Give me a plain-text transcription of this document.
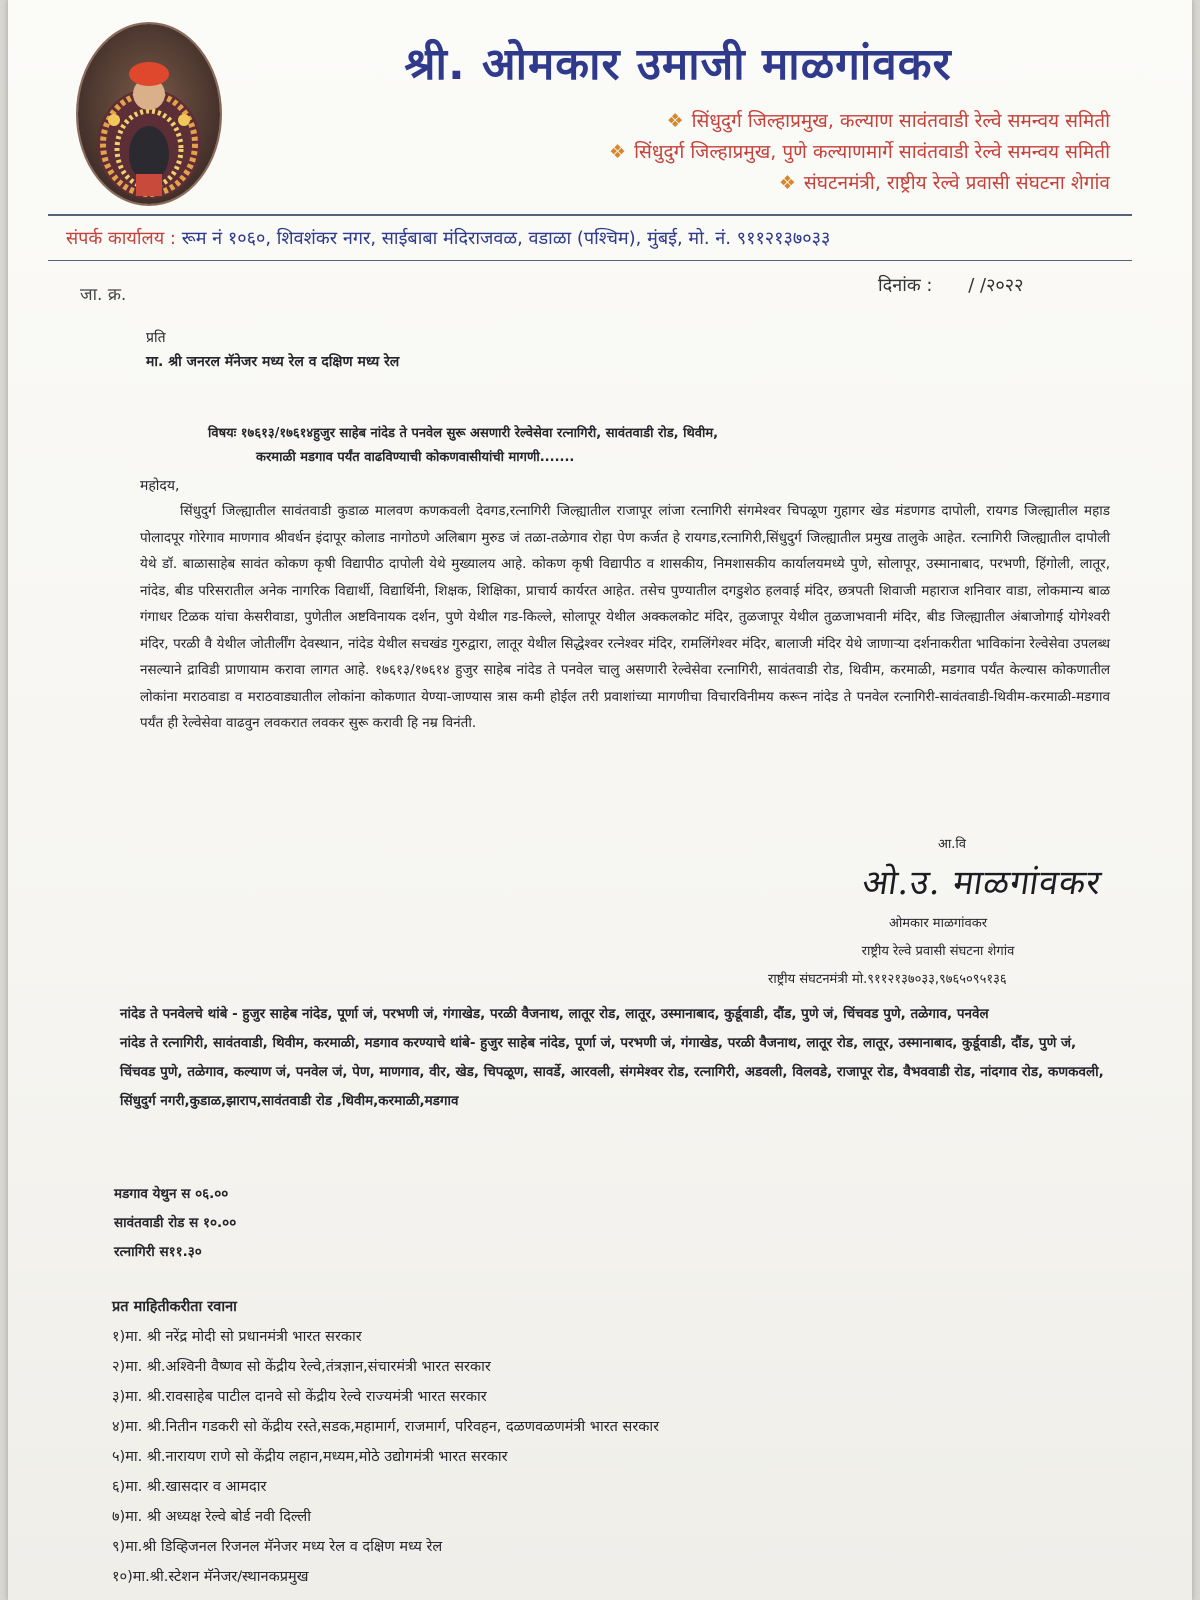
श्री. ओमकार उमाजी माळगांवकर
❖ सिंधुदुर्ग जिल्हाप्रमुख, कल्याण सावंतवाडी रेल्वे समन्वय समिती
❖ सिंधुदुर्ग जिल्हाप्रमुख, पुणे कल्याणमार्गे सावंतवाडी रेल्वे समन्वय समिती
❖ संघटनमंत्री, राष्ट्रीय रेल्वे प्रवासी संघटना शेगांव
संपर्क कार्यालय : रूम नं १०६०, शिवशंकर नगर, साईबाबा मंदिराजवळ, वडाळा (पश्चिम), मुंबई, मो. नं. ९११२१३७०३३
जा. क्र.	दिनांक : / /२०२२
प्रति
मा. श्री जनरल मॅनेजर मध्य रेल व दक्षिण मध्य रेल
विषयः १७६१३/१७६१४हुजुर साहेब नांदेड ते पनवेल सुरू असणारी रेल्वेसेवा रत्नागिरी, सावंतवाडी रोड, थिवीम,
करमाळी मडगाव पर्यंत वाढविण्याची कोकणवासीयांची मागणी.......
महोदय,
सिंधुदुर्ग जिल्ह्यातील सावंतवाडी कुडाळ मालवण कणकवली देवगड,रत्नागिरी जिल्ह्यातील राजापूर लांजा रत्नागिरी संगमेश्वर चिपळूण गुहागर खेड मंडणगड दापोली, रायगड जिल्ह्यातील महाड पोलादपूर गोरेगाव माणगाव श्रीवर्धन इंदापूर कोलाड नागोठणे अलिबाग मुरुड जं तळा-तळेगाव रोहा पेण कर्जत हे रायगड,रत्नागिरी,सिंधुदुर्ग जिल्ह्यातील प्रमुख तालुके आहेत. रत्नागिरी जिल्ह्यातील दापोली येथे डॉ. बाळासाहेब सावंत कोकण कृषी विद्यापीठ दापोली येथे मुख्यालय आहे. कोकण कृषी विद्यापीठ व शासकीय, निमशासकीय कार्यालयमध्ये पुणे, सोलापूर, उस्मानाबाद, परभणी, हिंगोली, लातूर, नांदेड, बीड परिसरातील अनेक नागरिक विद्यार्थी, विद्यार्थिनी, शिक्षक, शिक्षिका, प्राचार्य कार्यरत आहेत. तसेच पुण्यातील दगडुशेठ हलवाई मंदिर, छत्रपती शिवाजी महाराज शनिवार वाडा, लोकमान्य बाळ गंगाधर टिळक यांचा केसरीवाडा, पुणेतील अष्टविनायक दर्शन, पुणे येथील गड-किल्ले, सोलापूर येथील अक्कलकोट मंदिर, तुळजापूर येथील तुळजाभवानी मंदिर, बीड जिल्ह्यातील अंबाजोगाई योगेश्वरी मंदिर, परळी वै येथील जोतीर्लींग देवस्थान, नांदेड येथील सचखंड गुरुद्वारा, लातूर येथील सिद्धेश्वर रत्नेश्वर मंदिर, रामलिंगेश्वर मंदिर, बालाजी मंदिर येथे जाणाऱ्या दर्शनाकरीता भाविकांना रेल्वेसेवा उपलब्ध नसल्याने द्राविडी प्राणायाम करावा लागत आहे. १७६१३/१७६१४ हुजुर साहेब नांदेड ते पनवेल चालु असणारी रेल्वेसेवा रत्नागिरी, सावंतवाडी रोड, थिवीम, करमाळी, मडगाव पर्यंत केल्यास कोकणातील लोकांना मराठवाडा व मराठवाड्यातील लोकांना कोकणात येण्या-जाण्यास त्रास कमी होईल तरी प्रवाशांच्या मागणीचा विचारविनीमय करून नांदेड ते पनवेल रत्नागिरी-सावंतवाडी-थिवीम-करमाळी-मडगाव पर्यंत ही रेल्वेसेवा वाढवुन लवकरात लवकर सुरू करावी हि नम्र विनंती.
आ.वि
ओ.उ. माळगांवकर
ओमकार माळगांवकर
राष्ट्रीय रेल्वे प्रवासी संघटना शेगांव
राष्ट्रीय संघटनमंत्री मो.९११२१३७०३३,९७६५०९५१३६
नांदेड ते पनवेलचे थांबे - हुजुर साहेब नांदेड, पूर्णा जं, परभणी जं, गंगाखेड, परळी वैजनाथ, लातूर रोड, लातूर, उस्मानाबाद, कुर्डूवाडी, दौंड, पुणे जं, चिंचवड पुणे, तळेगाव, पनवेल
नांदेड ते रत्नागिरी, सावंतवाडी, थिवीम, करमाळी, मडगाव करण्याचे थांबे- हुजुर साहेब नांदेड, पूर्णा जं, परभणी जं, गंगाखेड, परळी वैजनाथ, लातूर रोड, लातूर, उस्मानाबाद, कुर्डूवाडी, दौंड, पुणे जं, चिंचवड पुणे, तळेगाव, कल्याण जं, पनवेल जं, पेण, माणगाव, वीर, खेड, चिपळूण, सावर्डे, आरवली, संगमेश्वर रोड, रत्नागिरी, अडवली, विलवडे, राजापूर रोड, वैभववाडी रोड, नांदगाव रोड, कणकवली, सिंधुदुर्ग नगरी,कुडाळ,झाराप,सावंतवाडी रोड ,थिवीम,करमाळी,मडगाव
मडगाव येथुन स ०६.००
सावंतवाडी रोड स १०.००
रत्नागिरी स११.३०
प्रत माहितीकरीता रवाना
१)मा. श्री नरेंद्र मोदी सो प्रधानमंत्री भारत सरकार
२)मा. श्री.अश्विनी वैष्णव सो केंद्रीय रेल्वे,तंत्रज्ञान,संचारमंत्री भारत सरकार
३)मा. श्री.रावसाहेब पाटील दानवे सो केंद्रीय रेल्वे राज्यमंत्री भारत सरकार
४)मा. श्री.नितीन गडकरी सो केंद्रीय रस्ते,सडक,महामार्ग, राजमार्ग, परिवहन, दळणवळणमंत्री भारत सरकार
५)मा. श्री.नारायण राणे सो केंद्रीय लहान,मध्यम,मोठे उद्योगमंत्री भारत सरकार
६)मा. श्री.खासदार व आमदार
७)मा. श्री अध्यक्ष रेल्वे बोर्ड नवी दिल्ली
९)मा.श्री डिव्हिजनल रिजनल मॅनेजर मध्य रेल व दक्षिण मध्य रेल
१०)मा.श्री.स्टेशन मॅनेजर/स्थानकप्रमुख
